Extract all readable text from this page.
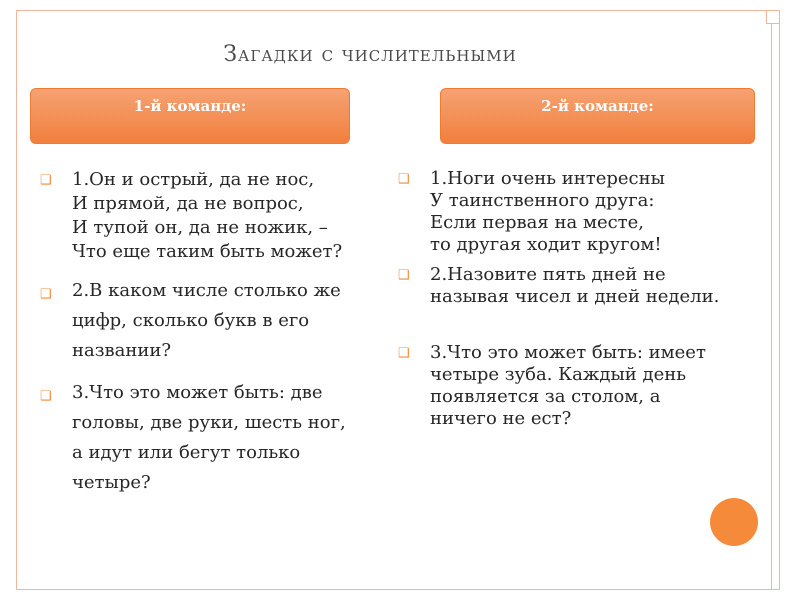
Загадки с числительными
1-й команде:	2-й команде:
❑ 1.Он и острый, да не нос,
И прямой, да не вопрос,
И тупой он, да не ножик, –
Что еще таким быть может?
❑ 2.В каком числе столько же
цифр, сколько букв в его
названии?
❑ 3.Что это может быть: две
головы, две руки, шесть ног,
а идут или бегут только
четыре?
❑ 1.Ноги очень интересны
У таинственного друга:
Если первая на месте,
то другая ходит кругом!
❑ 2.Назовите пять дней не
называя чисел и дней недели.
❑ 3.Что это может быть: имеет
четыре зуба. Каждый день
появляется за столом, а
ничего не ест?
